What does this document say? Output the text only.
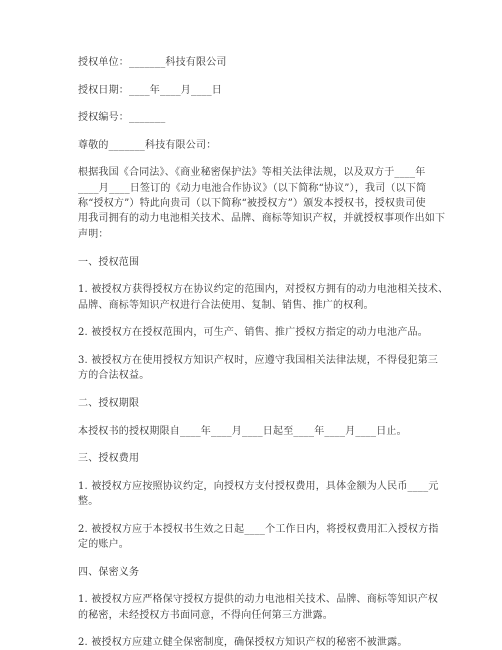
授权单位：_______科技有限公司
授权日期：____年____月____日
授权编号：_______
尊敬的_______科技有限公司：
根据我国《合同法》、《商业秘密保护法》等相关法律法规，以及双方于____年
____月____日签订的《动力电池合作协议》（以下简称“协议”），我司（以下简
称“授权方”）特此向贵司（以下简称“被授权方”）颁发本授权书，授权贵司使
用我司拥有的动力电池相关技术、品牌、商标等知识产权，并就授权事项作出如下
声明：
一、授权范围
1. 被授权方获得授权方在协议约定的范围内，对授权方拥有的动力电池相关技术、
品牌、商标等知识产权进行合法使用、复制、销售、推广的权利。
2. 被授权方在授权范围内，可生产、销售、推广授权方指定的动力电池产品。
3. 被授权方在使用授权方知识产权时，应遵守我国相关法律法规，不得侵犯第三
方的合法权益。
二、授权期限
本授权书的授权期限自____年____月____日起至____年____月____日止。
三、授权费用
1. 被授权方应按照协议约定，向授权方支付授权费用，具体金额为人民币____元
整。
2. 被授权方应于本授权书生效之日起____个工作日内，将授权费用汇入授权方指
定的账户。
四、保密义务
1. 被授权方应严格保守授权方提供的动力电池相关技术、品牌、商标等知识产权
的秘密，未经授权方书面同意，不得向任何第三方泄露。
2. 被授权方应建立健全保密制度，确保授权方知识产权的秘密不被泄露。
